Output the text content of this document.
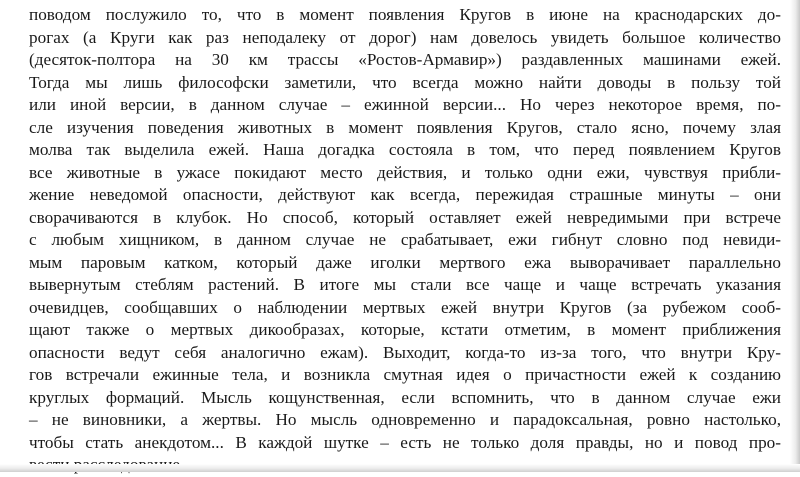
поводом послужило то, что в момент появления Кругов в июне на краснодарских до-
рогах (а Круги как раз неподалеку от дорог) нам довелось увидеть большое количество
(десяток-полтора на 30 км трассы «Ростов-Армавир») раздавленных машинами ежей.
Тогда мы лишь философски заметили, что всегда можно найти доводы в пользу той
или иной версии, в данном случае – ежинной версии... Но через некоторое время, по-
сле изучения поведения животных в момент появления Кругов, стало ясно, почему злая
молва так выделила ежей. Наша догадка состояла в том, что перед появлением Кругов
все животные в ужасе покидают место действия, и только одни ежи, чувствуя прибли-
жение неведомой опасности, действуют как всегда, пережидая страшные минуты – они
сворачиваются в клубок. Но способ, который оставляет ежей невредимыми при встрече
с любым хищником, в данном случае не срабатывает, ежи гибнут словно под невиди-
мым паровым катком, который даже иголки мертвого ежа выворачивает параллельно
вывернутым стеблям растений. В итоге мы стали все чаще и чаще встречать указания
очевидцев, сообщавших о наблюдении мертвых ежей внутри Кругов (за рубежом сооб-
щают также о мертвых дикообразах, которые, кстати отметим, в момент приближения
опасности ведут себя аналогично ежам). Выходит, когда-то из-за того, что внутри Кру-
гов встречали ежинные тела, и возникла смутная идея о причастности ежей к созданию
круглых формаций. Мысль кощунственная, если вспомнить, что в данном случае ежи
– не виновники, а жертвы. Но мысль одновременно и парадоксальная, ровно настолько,
чтобы стать анекдотом... В каждой шутке – есть не только доля правды, но и повод про-
